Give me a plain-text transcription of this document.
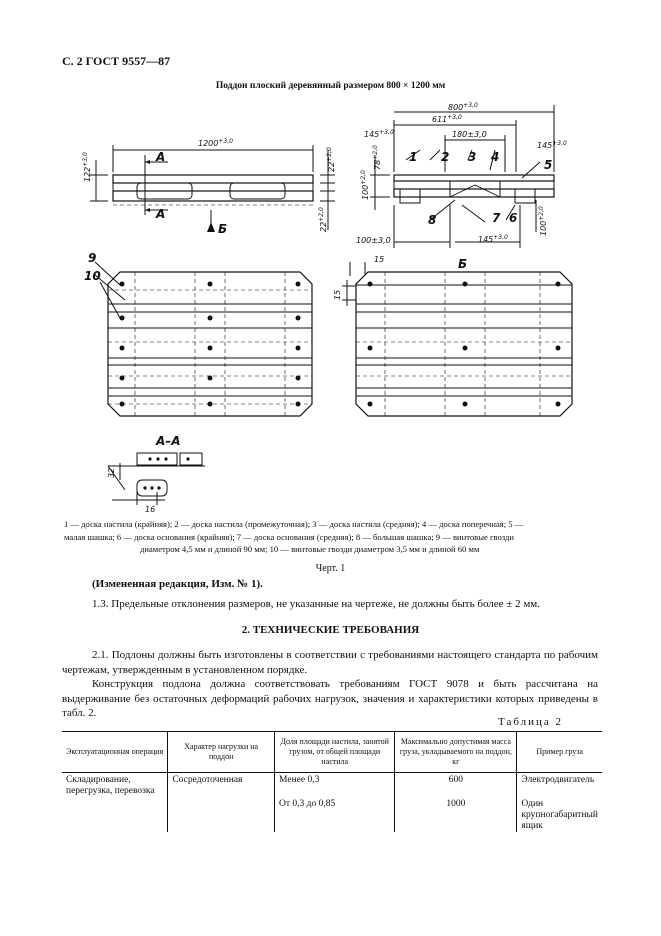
С. 2 ГОСТ 9557—87
Поддон плоский деревянный размером 800 × 1200 мм
$1200^{+3,0}$
$122^{+3,0}$
$22^{+2,0}$
$22^{+2,0}$
$800^{+3,0}$
$611^{+3,0}$
$145^{+3,0}$	180±3,0
$145^{+3,0}$
$78^{+2,0}$
$100^{+2,0}$
$100^{+2,0}$
100±3,0	$145^{+3,0}$
15
15
32
16
А
А
Б
Б
А–А
1 2 3 4
5
6
7
8
9
10
1 — доска настила (крайняя); 2 — доска настила (промежуточная); 3 — доска настила (средняя); 4 — доска поперечная; 5 —
малая шашка; 6 — доска основания (крайняя); 7 — доска основания (средняя); 8 — большая шашка; 9 — винтовые гвозди
диаметром 4,5 мм и длиной 90 мм; 10 — винтовые гвозди диаметром 3,5 мм и длиной 60 мм
Черт. 1
(Измененная редакция, Изм. № 1).
1.3. Предельные отклонения размеров, не указанные на чертеже, не должны быть более ± 2 мм.
2. ТЕХНИЧЕСКИЕ ТРЕБОВАНИЯ
2.1. Подлоны должны быть изготовлены в соответствии с требованиями настоящего стандарта по рабочим чертежам, утвержденным в установленном порядке.
Конструкция подлона должна соответствовать требованиям ГОСТ 9078 и быть рассчитана на выдерживание без остаточных деформаций рабочих нагрузок, значения и характеристики которых приведены в табл. 2.
Таблица 2
Эксплуатационная операция	Характер нагрузки на поддон	Доля площади настила, занятой грузом, от общей площади настила	Максимально допустимая масса груза, укладываемого на поддон, кг	Пример груза
Складирование, перегрузка, перевозка	Сосредоточенная	Менее 0,3	600	Электродвигатель
		От 0,3 до 0,85	1000	Один крупногабаритный ящик
